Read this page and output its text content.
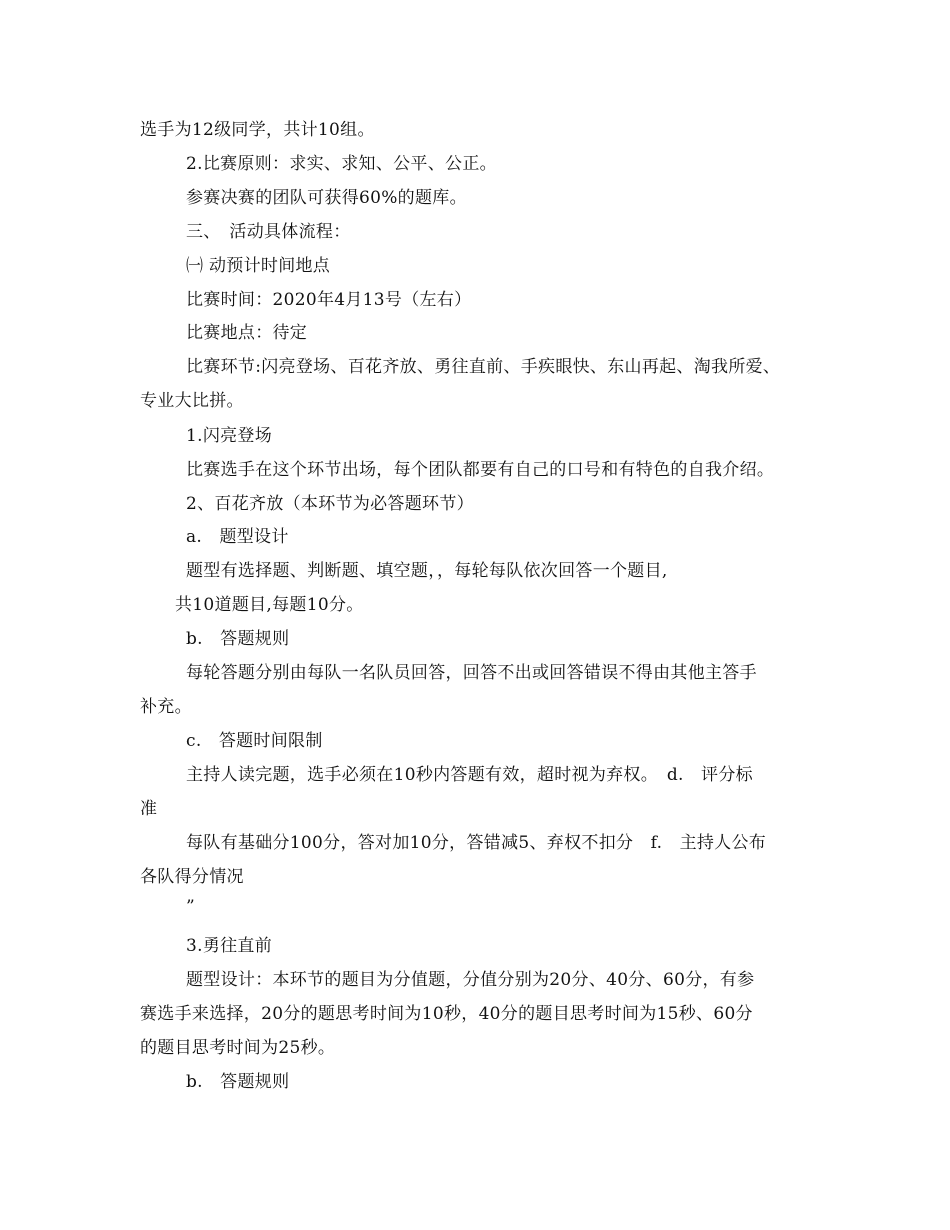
选手为12级同学，共计10组。
2.比赛原则：求实、求知、公平、公正。
参赛决赛的团队可获得60%的题库。
三、　活动具体流程：
㈠ 动预计时间地点
比赛时间：2020年4月13号（左右）
比赛地点：待定
比赛环节:闪亮登场、百花齐放、勇往直前、手疾眼快、东山再起、淘我所爱、
专业大比拼。
1.闪亮登场
比赛选手在这个环节出场，每个团队都要有自己的口号和有特色的自我介绍。
2、百花齐放（本环节为必答题环节）
a.　题型设计
题型有选择题、判断题、填空题，，每轮每队依次回答一个题目,
共10道题目,每题10分。
b.　答题规则
每轮答题分别由每队一名队员回答，回答不出或回答错误不得由其他主答手
补充。
c.　答题时间限制
主持人读完题，选手必须在10秒内答题有效，超时视为弃权。　d.　评分标
准
每队有基础分100分，答对加10分，答错减5、弃权不扣分　f.　主持人公布
各队得分情况
”
3.勇往直前
题型设计：本环节的题目为分值题，分值分别为20分、40分、60分，有参
赛选手来选择，20分的题思考时间为10秒，40分的题目思考时间为15秒、60分
的题目思考时间为25秒。
b.　答题规则
